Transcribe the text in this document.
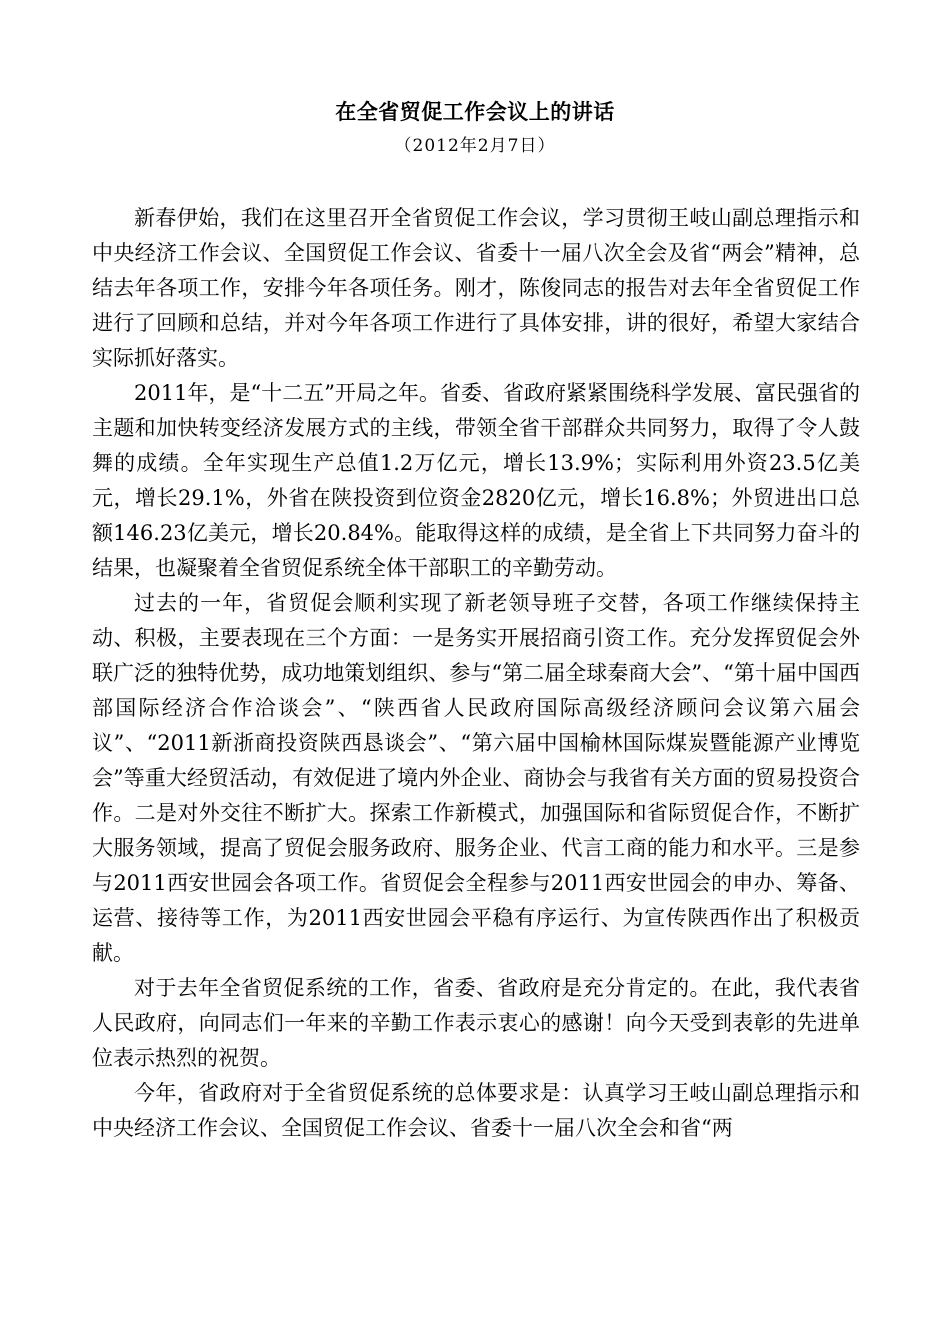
在全省贸促工作会议上的讲话
（2012年2月7日）

新春伊始，我们在这里召开全省贸促工作会议，学习贯彻王岐山副总理指示和中央经济工作会议、全国贸促工作会议、省委十一届八次全会及省“两会”精神，总结去年各项工作，安排今年各项任务。刚才，陈俊同志的报告对去年全省贸促工作进行了回顾和总结，并对今年各项工作进行了具体安排，讲的很好，希望大家结合实际抓好落实。

2011年，是“十二五”开局之年。省委、省政府紧紧围绕科学发展、富民强省的主题和加快转变经济发展方式的主线，带领全省干部群众共同努力，取得了令人鼓舞的成绩。全年实现生产总值1.2万亿元，增长13.9%；实际利用外资23.5亿美元，增长29.1%，外省在陕投资到位资金2820亿元，增长16.8%；外贸进出口总额146.23亿美元，增长20.84%。能取得这样的成绩，是全省上下共同努力奋斗的结果，也凝聚着全省贸促系统全体干部职工的辛勤劳动。

过去的一年，省贸促会顺利实现了新老领导班子交替，各项工作继续保持主动、积极，主要表现在三个方面：一是务实开展招商引资工作。充分发挥贸促会外联广泛的独特优势，成功地策划组织、参与“第二届全球秦商大会”、“第十届中国西部国际经济合作洽谈会”、“陕西省人民政府国际高级经济顾问会议第六届会议”、“2011新浙商投资陕西恳谈会”、“第六届中国榆林国际煤炭暨能源产业博览会”等重大经贸活动，有效促进了境内外企业、商协会与我省有关方面的贸易投资合作。二是对外交往不断扩大。探索工作新模式，加强国际和省际贸促合作，不断扩大服务领域，提高了贸促会服务政府、服务企业、代言工商的能力和水平。三是参与2011西安世园会各项工作。省贸促会全程参与2011西安世园会的申办、筹备、运营、接待等工作，为2011西安世园会平稳有序运行、为宣传陕西作出了积极贡献。

对于去年全省贸促系统的工作，省委、省政府是充分肯定的。在此，我代表省人民政府，向同志们一年来的辛勤工作表示衷心的感谢！向今天受到表彰的先进单位表示热烈的祝贺。

今年，省政府对于全省贸促系统的总体要求是：认真学习王岐山副总理指示和中央经济工作会议、全国贸促工作会议、省委十一届八次全会和省“两
